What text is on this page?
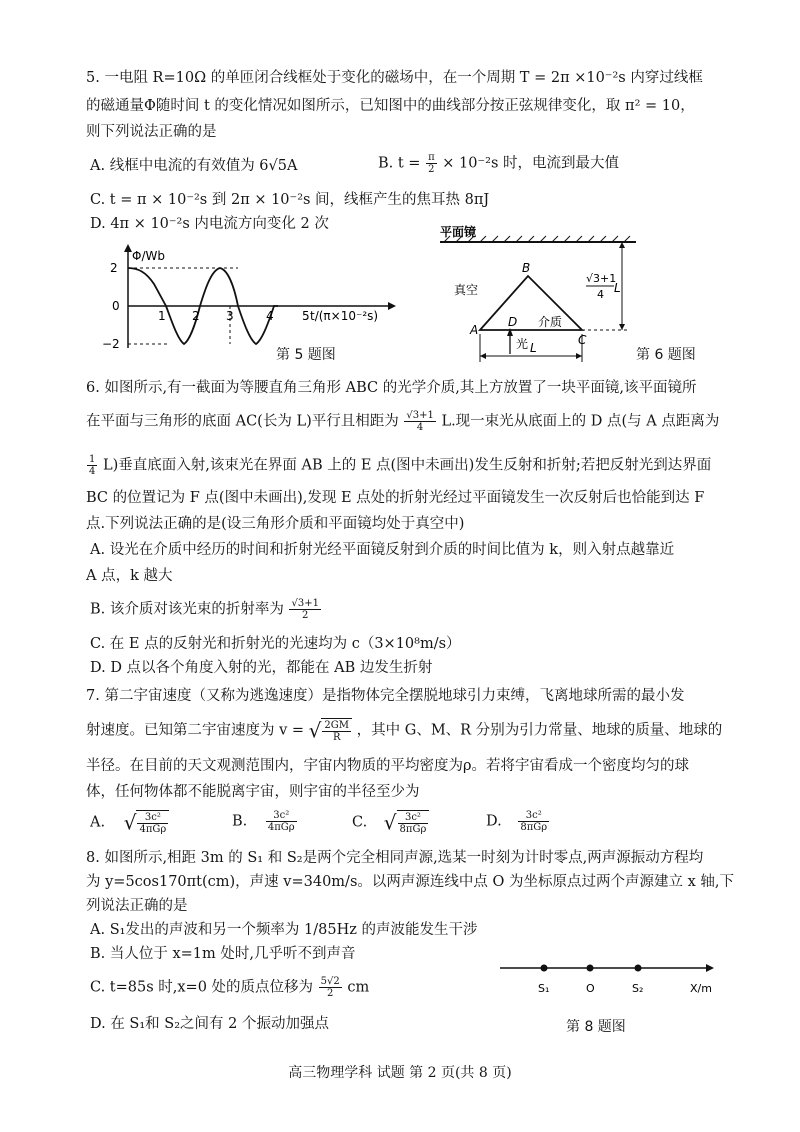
5. 一电阻 R=10Ω 的单匝闭合线框处于变化的磁场中，在一个周期 T = 2π ×10⁻²s 内穿过线框
的磁通量Φ随时间 t 的变化情况如图所示，已知图中的曲线部分按正弦规律变化，取 π² = 10，
则下列说法正确的是
A. 线框中电流的有效值为 6√5A	B. $t = \frac{\pi}{2} \times 10^{-2}s$ 时，电流到最大值
C. t = π × 10⁻²s 到 2π × 10⁻²s 间，线框产生的焦耳热 8πJ
D. 4π × 10⁻²s 内电流方向变化 2 次
2
0
−2
1 2 3	4 5
Φ/Wb
t/(π×10⁻²s)
第 5 题图
平面镜
真空
介质
A
B
C
D
光 L
√3+1
4 L
第 6 题图
6. 如图所示,有一截面为等腰直角三角形 ABC 的光学介质,其上方放置了一块平面镜,该平面镜所
在平面与三角形的底面 AC(长为 L)平行且相距为 $\frac{√3+1}{4} L$.现一束光从底面上的 D 点(与 A 点距离为
$\frac{1}{4} L$)垂直底面入射,该束光在界面 AB 上的 E 点(图中未画出)发生反射和折射;若把反射光到达界面
BC 的位置记为 F 点(图中未画出),发现 E 点处的折射光经过平面镜发生一次反射后也恰能到达 F
点.下列说法正确的是(设三角形介质和平面镜均处于真空中)
A. 设光在介质中经历的时间和折射光经平面镜反射到介质的时间比值为 k，则入射点越靠近
A 点，k 越大
B. 该介质对该光束的折射率为 $\frac{√3+1}{2}$
C. 在 E 点的反射光和折射光的光速均为 c（3×10⁸m/s）
D. D 点以各个角度入射的光，都能在 AB 边发生折射
7. 第二宇宙速度（又称为逃逸速度）是指物体完全摆脱地球引力束缚，飞离地球所需的最小发
射速度。已知第二宇宙速度为 v = √ $\frac{2GM}{R}$ ，其中 G、M、R 分别为引力常量、地球的质量、地球的
半径。在目前的天文观测范围内，宇宙内物质的平均密度为ρ。若将宇宙看成一个密度均匀的球
体，任何物体都不能脱离宇宙，则宇宙的半径至少为
A. √ $\frac{\text{3c²}}{\text{4πGρ}}$	B. $\frac{\text{3c²}}{\text{4πGρ}}$	C. √ $\frac{\text{3c²}}{\text{8πGρ}}$	D. $\frac{\text{3c²}}{\text{8πGρ}}$
8. 如图所示,相距 3m 的 S₁ 和 S₂是两个完全相同声源,选某一时刻为计时零点,两声源振动方程均
为 y=5cos170πt(cm)，声速 v=340m/s。以两声源连线中点 O 为坐标原点过两个声源建立 x 轴,下
列说法正确的是
A. S₁发出的声波和另一个频率为 1/85Hz 的声波能发生干涉
B. 当人位于 x=1m 处时,几乎听不到声音
C. t=85s 时,x=0 处的质点位移为 $\frac{5√2}{2}$ cm
D. 在 S₁和 S₂之间有 2 个振动加强点
S₁	O	S₂	X/m
第 8 题图
高三物理学科 试题 第 2 页(共 8 页)
